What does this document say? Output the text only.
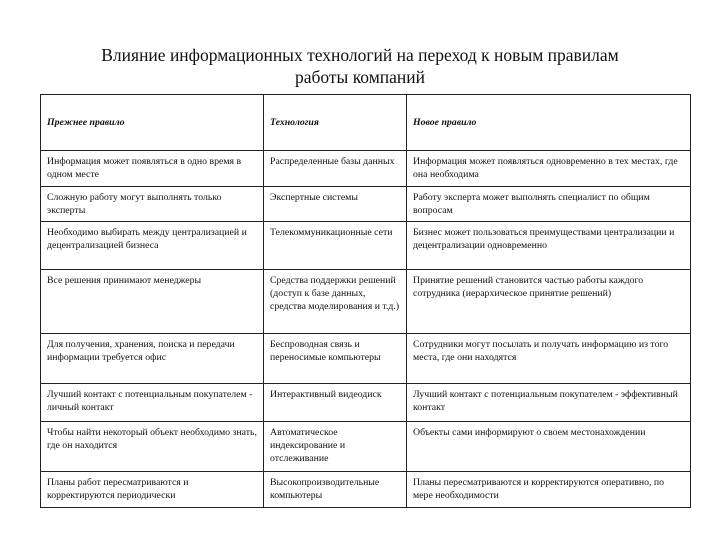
Влияние информационных технологий на переход к новым правилам
работы компаний
Прежнее правило	Технология	Новое правило
Информация может появляться в одно время в одном месте	Распределенные базы данных	Информация может появляться одновременно в тех местах, где она необходима
Сложную работу могут выполнять только эксперты	Экспертные системы	Работу эксперта может выполнять специалист по общим вопросам
Необходимо выбирать между централизацией и децентрализацией бизнеса	Телекоммуникационные сети	Бизнес может пользоваться преимуществами централизации и децентрализации одновременно
Все решения принимают менеджеры	Средства поддержки решений (доступ к базе данных, средства моделирования и т.д.)	Принятие решений становится частью работы каждого сотрудника (иерархическое принятие решений)
Для получения, хранения, поиска и передачи информации требуется офис	Беспроводная связь и переносимые компьютеры	Сотрудники могут посылать и получать информацию из того места, где они находятся
Лучший контакт с потенциальным покупателем - личный контакт	Интерактивный видеодиск	Лучший контакт с потенциальным покупателем - эффективный контакт
Чтобы найти некоторый объект необходимо знать, где он находится	Автоматическое индексирование и отслеживание	Объекты сами информируют о своем местонахождении
Планы работ пересматриваются и корректируются периодически	Высокопроизводительные компьютеры	Планы пересматриваются и корректируются оперативно, по мере необходимости
